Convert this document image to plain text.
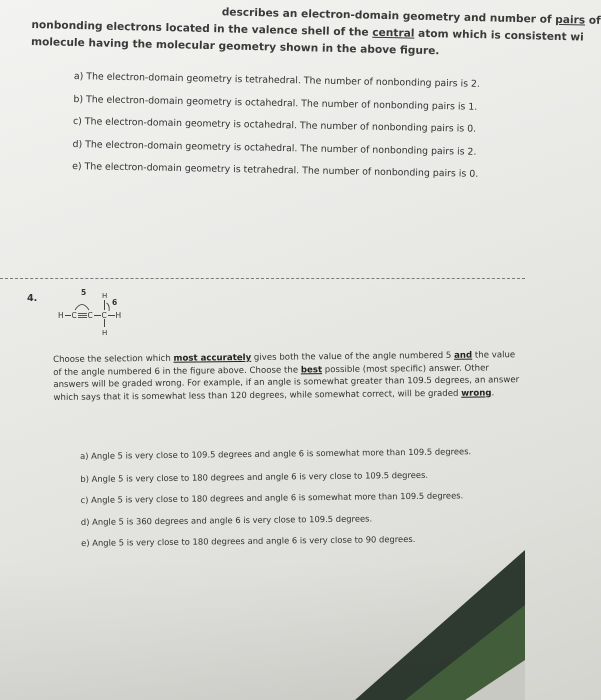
describes an electron-domain geometry and number of pairs of
nonbonding electrons located in the valence shell of the central atom which is consistent wi
molecule having the molecular geometry shown in the above figure.
a) The electron-domain geometry is tetrahedral. The number of nonbonding pairs is 2.
b) The electron-domain geometry is octahedral. The number of nonbonding pairs is 1.
c) The electron-domain geometry is octahedral. The number of nonbonding pairs is 0.
d) The electron-domain geometry is octahedral. The number of nonbonding pairs is 2.
e) The electron-domain geometry is tetrahedral. The number of nonbonding pairs is 0.
4.
H C C C
H
H
H
5
6
Choose the selection which most accurately gives both the value of the angle numbered 5 and the value of the angle numbered 6 in the figure above. Choose the best possible (most specific) answer. Other answers will be graded wrong. For example, if an angle is somewhat greater than 109.5 degrees, an answer which says that it is somewhat less than 120 degrees, while somewhat correct, will be graded wrong.
a) Angle 5 is very close to 109.5 degrees and angle 6 is somewhat more than 109.5 degrees.
b) Angle 5 is very close to 180 degrees and angle 6 is very close to 109.5 degrees.
c) Angle 5 is very close to 180 degrees and angle 6 is somewhat more than 109.5 degrees.
d) Angle 5 is 360 degrees and angle 6 is very close to 109.5 degrees.
e) Angle 5 is very close to 180 degrees and angle 6 is very close to 90 degrees.
